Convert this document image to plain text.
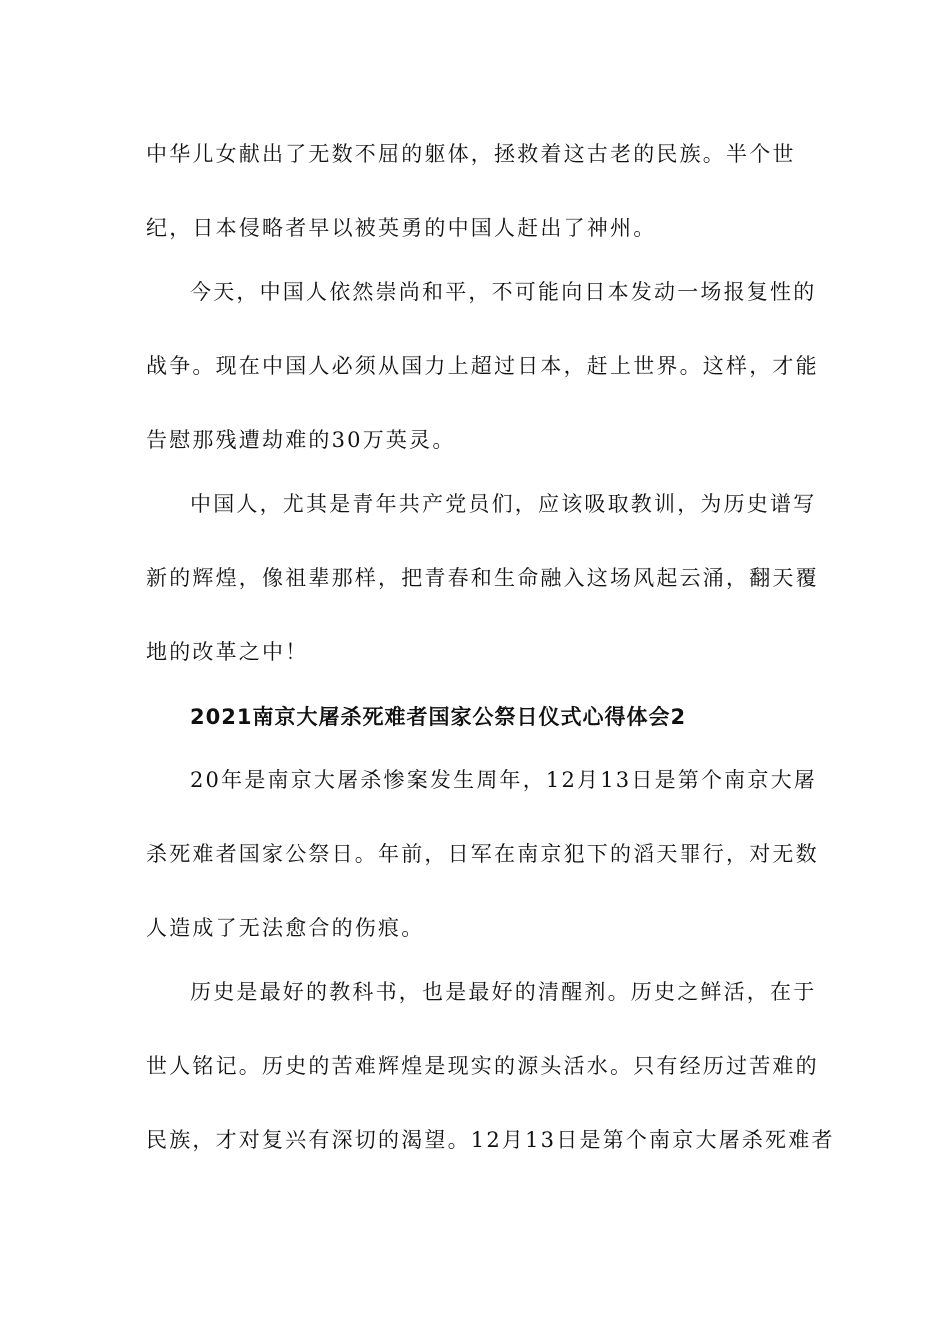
中华儿女献出了无数不屈的躯体，拯救着这古老的民族。半个世

纪，日本侵略者早以被英勇的中国人赶出了神州。

今天，中国人依然崇尚和平，不可能向日本发动一场报复性的

战争。现在中国人必须从国力上超过日本，赶上世界。这样，才能

告慰那残遭劫难的30万英灵。

中国人，尤其是青年共产党员们，应该吸取教训，为历史谱写

新的辉煌，像祖辈那样，把青春和生命融入这场风起云涌，翻天覆

地的改革之中！

2021南京大屠杀死难者国家公祭日仪式心得体会2

20年是南京大屠杀惨案发生周年，12月13日是第个南京大屠

杀死难者国家公祭日。年前，日军在南京犯下的滔天罪行，对无数

人造成了无法愈合的伤痕。

历史是最好的教科书，也是最好的清醒剂。历史之鲜活，在于

世人铭记。历史的苦难辉煌是现实的源头活水。只有经历过苦难的

民族，才对复兴有深切的渴望。12月13日是第个南京大屠杀死难者
